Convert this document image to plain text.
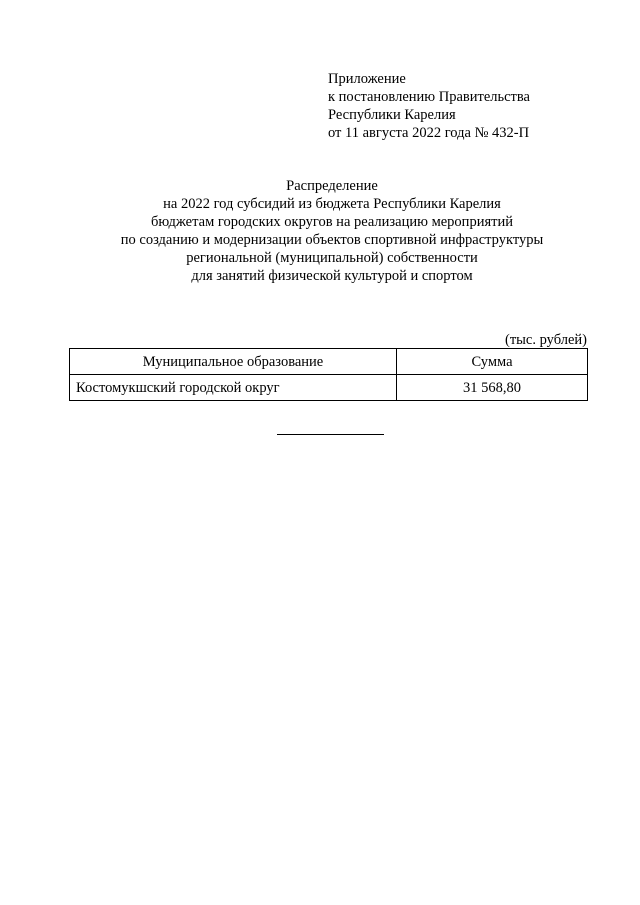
Приложение
к постановлению Правительства
Республики Карелия
от 11 августа 2022 года № 432-П
Распределение
на 2022 год субсидий из бюджета Республики Карелия
бюджетам городских округов на реализацию мероприятий
по созданию и модернизации объектов спортивной инфраструктуры
региональной (муниципальной) собственности
для занятий физической культурой и спортом
(тыс. рублей)
Муниципальное образование	Сумма
Костомукшский городской округ	31 568,80
